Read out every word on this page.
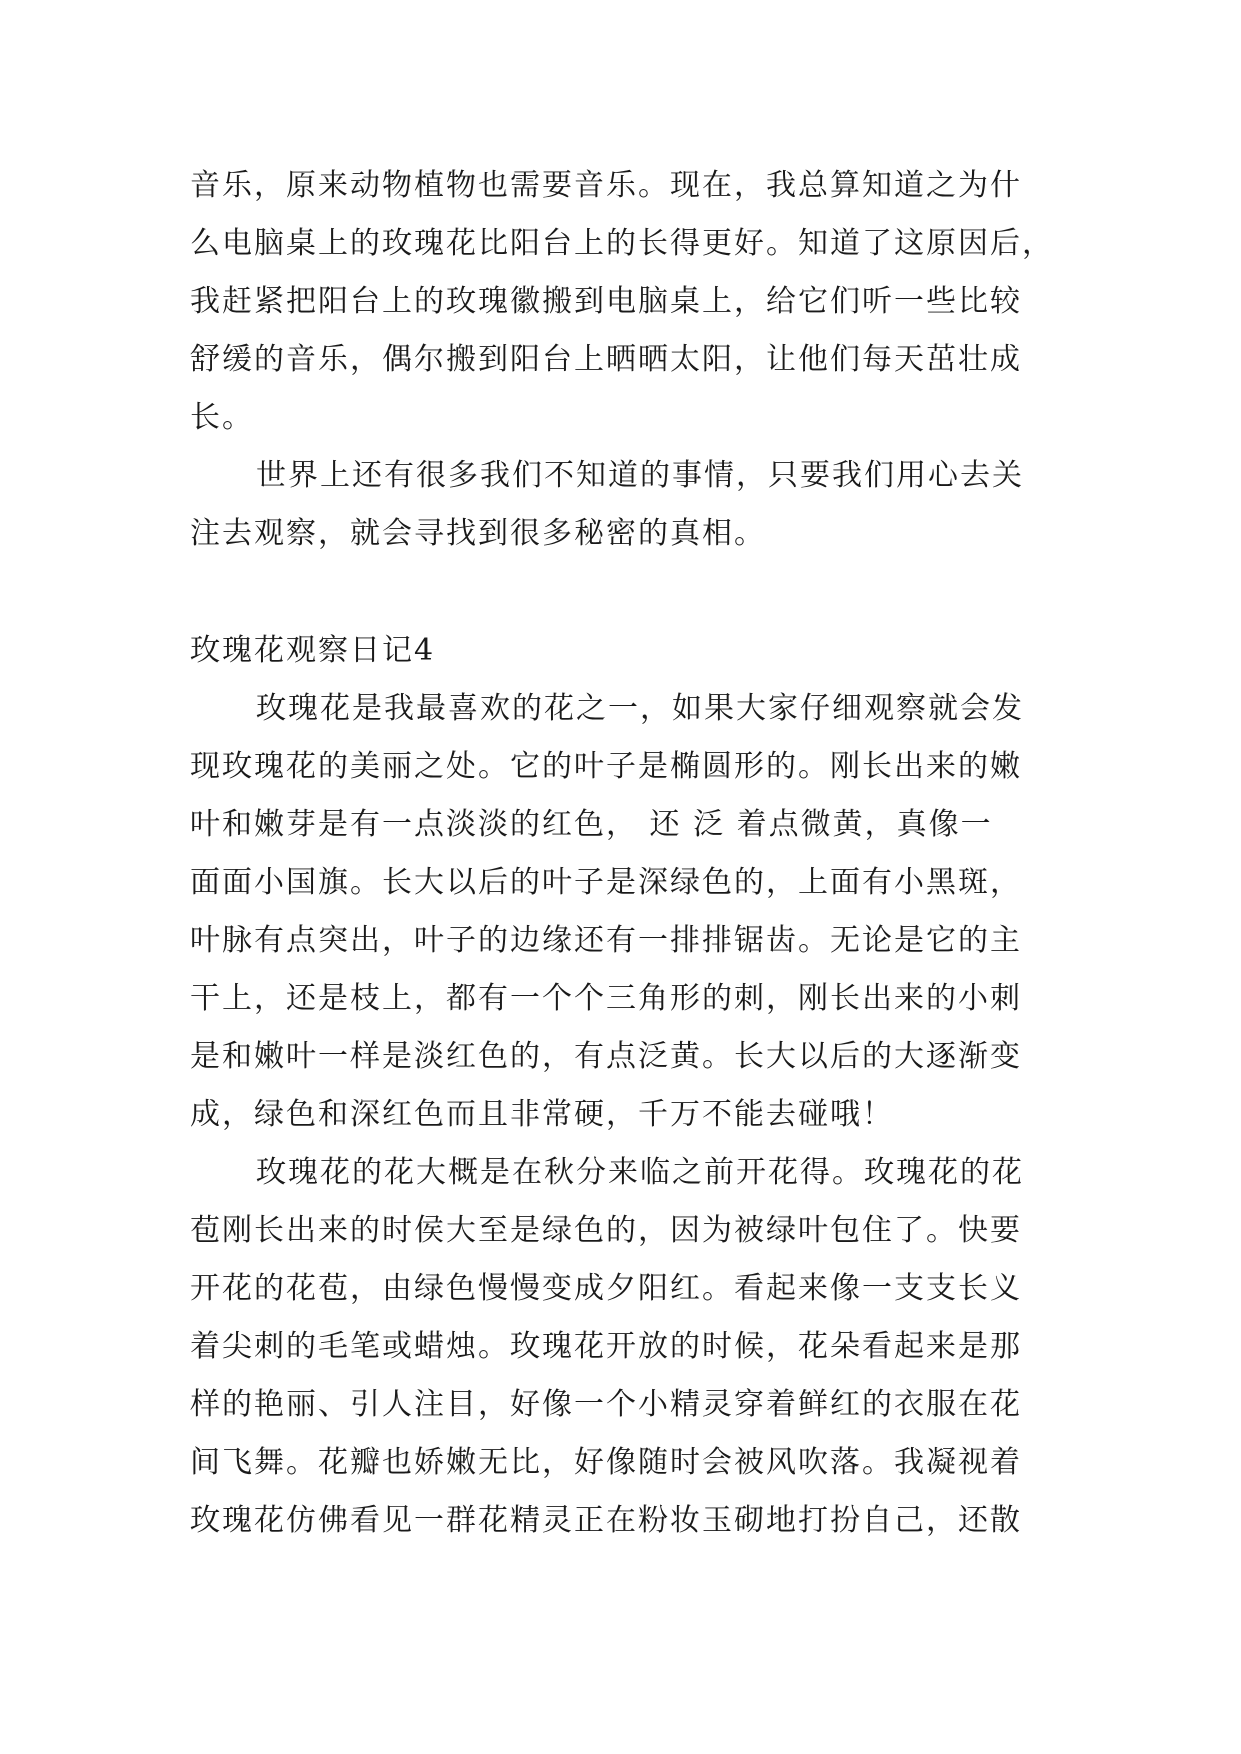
音乐，原来动物植物也需要音乐。现在，我总算知道之为什
么电脑桌上的玫瑰花比阳台上的长得更好。知道了这原因后，
我赶紧把阳台上的玫瑰徽搬到电脑桌上，给它们听一些比较
舒缓的音乐，偶尔搬到阳台上晒晒太阳，让他们每天茁壮成
长。
世界上还有很多我们不知道的事情，只要我们用心去关
注去观察，就会寻找到很多秘密的真相。
玫瑰花观察日记4
玫瑰花是我最喜欢的花之一，如果大家仔细观察就会发
现玫瑰花的美丽之处。它的叶子是椭圆形的。刚长出来的嫩
叶和嫩芽是有一点淡淡的红色， 还 泛 着点微黄，真像一
面面小国旗。长大以后的叶子是深绿色的，上面有小黑斑，
叶脉有点突出，叶子的边缘还有一排排锯齿。无论是它的主
干上，还是枝上，都有一个个三角形的刺，刚长出来的小刺
是和嫩叶一样是淡红色的，有点泛黄。长大以后的大逐渐变
成，绿色和深红色而且非常硬，千万不能去碰哦！
玫瑰花的花大概是在秋分来临之前开花得。玫瑰花的花
苞刚长出来的时侯大至是绿色的，因为被绿叶包住了。快要
开花的花苞，由绿色慢慢变成夕阳红。看起来像一支支长义
着尖刺的毛笔或蜡烛。玫瑰花开放的时候，花朵看起来是那
样的艳丽、引人注目，好像一个小精灵穿着鲜红的衣服在花
间飞舞。花瓣也娇嫩无比，好像随时会被风吹落。我凝视着
玫瑰花仿佛看见一群花精灵正在粉妆玉砌地打扮自己，还散
